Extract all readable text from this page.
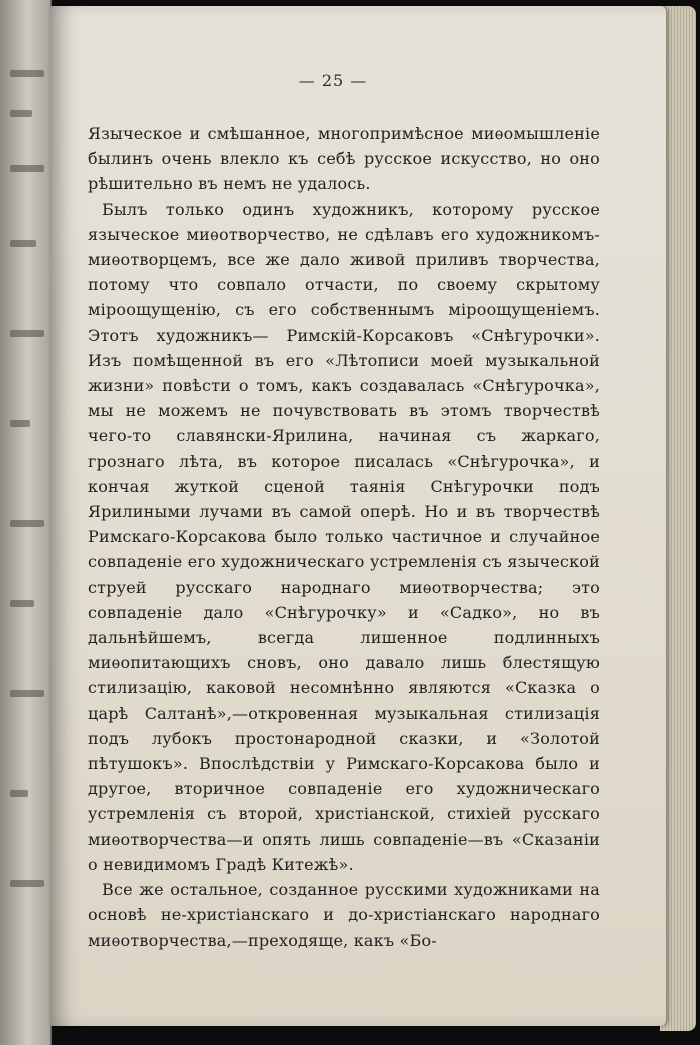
— 25 —

Языческое и смѣшанное, многопримѣсное миѳомышленіе былинъ очень влекло къ себѣ русское искусство, но оно рѣшительно въ немъ не удалось.

Былъ только одинъ художникъ, которому русское языческое миѳотворчество, не сдѣлавъ его художникомъ-миѳотворцемъ, все же дало живой приливъ творчества, потому что совпало отчасти, по своему скрытому міроощущенію, съ его собственнымъ міроощущеніемъ. Этотъ художникъ— Римскій-Корсаковъ «Снѣгурочки». Изъ помѣщенной въ его «Лѣтописи моей музыкальной жизни» повѣсти о томъ, какъ создавалась «Снѣгурочка», мы не можемъ не почувствовать въ этомъ творчествѣ чего-то славянски-Ярилина, начиная съ жаркаго, грознаго лѣта, въ которое писалась «Снѣгурочка», и кончая жуткой сценой таянія Снѣгурочки подъ Ярилиными лучами въ самой оперѣ. Но и въ творчествѣ Римскаго-Корсакова было только частичное и случайное совпаденіе его художническаго устремленія съ языческой струей русскаго народнаго миѳотворчества; это совпаденіе дало «Снѣгурочку» и «Садко», но въ дальнѣйшемъ, всегда лишенное подлинныхъ миѳопитающихъ сновъ, оно давало лишь блестящую стилизацію, каковой несомнѣнно являются «Сказка о царѣ Салтанѣ»,—откровенная музыкальная стилизація подъ лубокъ простонародной сказки, и «Золотой пѣтушокъ». Впослѣдствіи у Римскаго-Корсакова было и другое, вторичное совпаденіе его художническаго устремленія съ второй, христіанской, стихіей русскаго миѳотворчества—и опять лишь совпаденіе—въ «Сказаніи о невидимомъ Градѣ Китежѣ».

Все же остальное, созданное русскими художниками на основѣ не-христіанскаго и до-христіанскаго народнаго миѳотворчества,—преходяще, какъ «Бо-
